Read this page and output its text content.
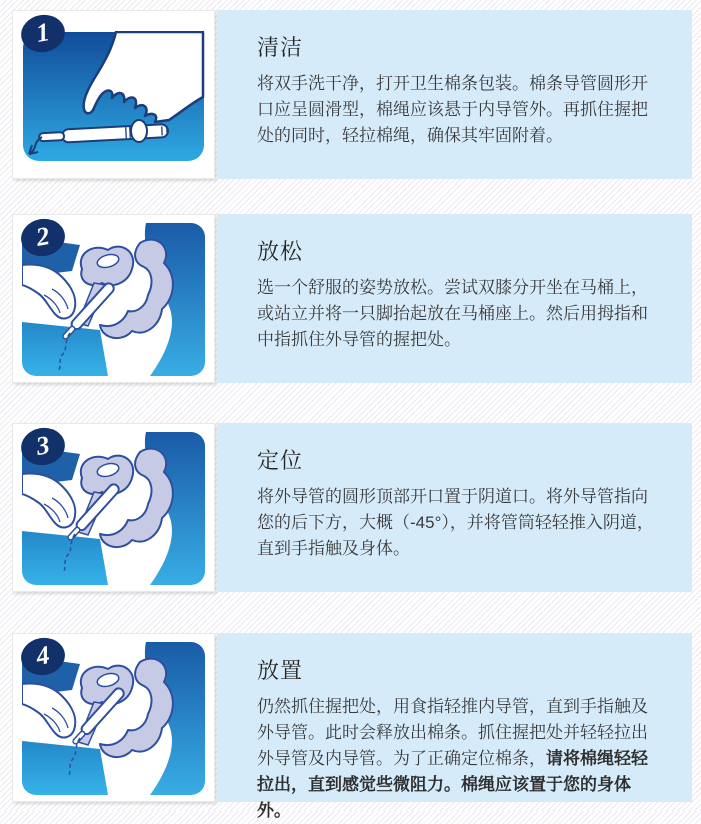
1
清洁

将双手洗干净，打开卫生棉条包装。棉条导管圆形开口应呈圆滑型，棉绳应该悬于内导管外。再抓住握把处的同时，轻拉棉绳，确保其牢固附着。

2
放松

选一个舒服的姿势放松。尝试双膝分开坐在马桶上，或站立并将一只脚抬起放在马桶座上。然后用拇指和中指抓住外导管的握把处。

3
定位

将外导管的圆形顶部开口置于阴道口。将外导管指向您的后下方，大概（-45°），并将管筒轻轻推入阴道，直到手指触及身体。

4
放置

仍然抓住握把处，用食指轻推内导管，直到手指触及外导管。此时会释放出棉条。抓住握把处并轻轻拉出外导管及内导管。为了正确定位棉条，请将棉绳轻轻拉出，直到感觉些微阻力。棉绳应该置于您的身体外。
